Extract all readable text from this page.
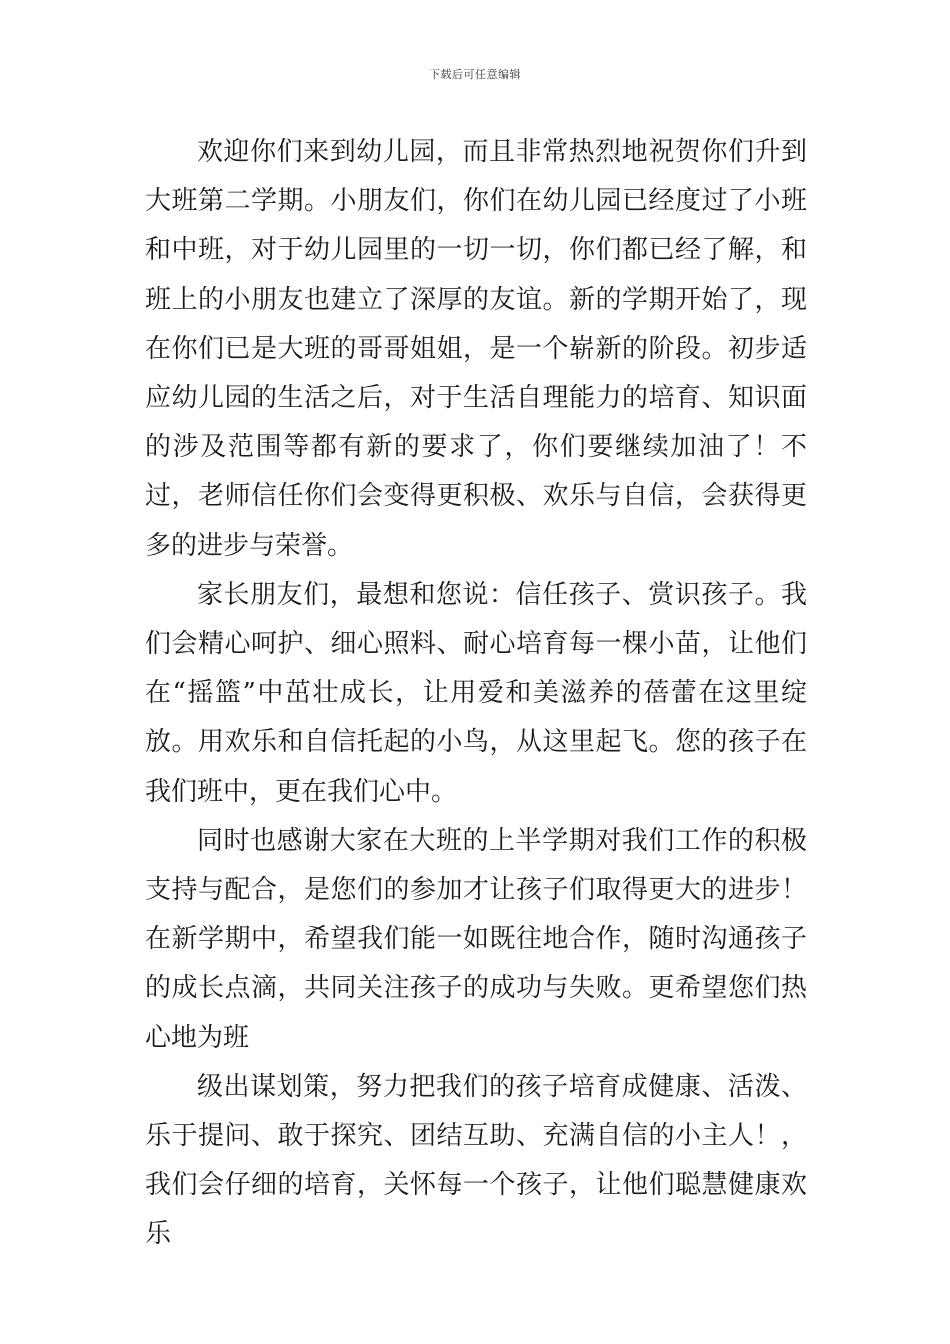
下载后可任意编辑

欢迎你们来到幼儿园，而且非常热烈地祝贺你们升到大班第二学期。小朋友们，你们在幼儿园已经度过了小班和中班，对于幼儿园里的一切一切，你们都已经了解，和班上的小朋友也建立了深厚的友谊。新的学期开始了，现在你们已是大班的哥哥姐姐，是一个崭新的阶段。初步适应幼儿园的生活之后，对于生活自理能力的培育、知识面的涉及范围等都有新的要求了，你们要继续加油了！不过，老师信任你们会变得更积极、欢乐与自信，会获得更多的进步与荣誉。

家长朋友们，最想和您说：信任孩子、赏识孩子。我们会精心呵护、细心照料、耐心培育每一棵小苗，让他们在“摇篮”中茁壮成长，让用爱和美滋养的蓓蕾在这里绽放。用欢乐和自信托起的小鸟，从这里起飞。您的孩子在我们班中，更在我们心中。

同时也感谢大家在大班的上半学期对我们工作的积极支持与配合，是您们的参加才让孩子们取得更大的进步！在新学期中，希望我们能一如既往地合作，随时沟通孩子的成长点滴，共同关注孩子的成功与失败。更希望您们热心地为班

级出谋划策，努力把我们的孩子培育成健康、活泼、乐于提问、敢于探究、团结互助、充满自信的小主人！，我们会仔细的培育，关怀每一个孩子，让他们聪慧健康欢乐
